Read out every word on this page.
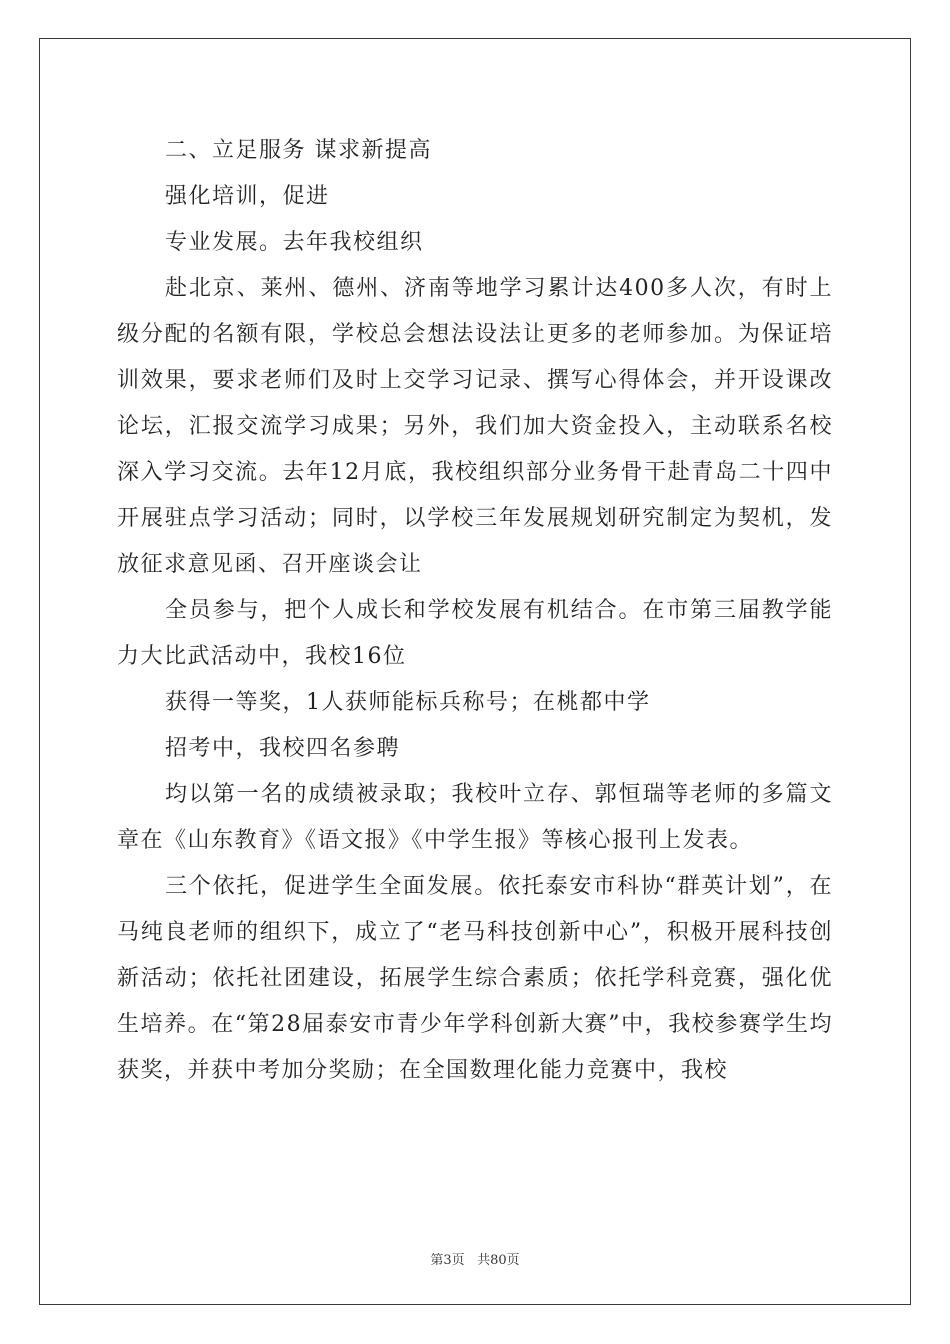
二、立足服务 谋求新提高

强化培训，促进

专业发展。去年我校组织

赴北京、莱州、德州、济南等地学习累计达400多人次，有时上级分配的名额有限，学校总会想法设法让更多的老师参加。为保证培训效果，要求老师们及时上交学习记录、撰写心得体会，并开设课改论坛，汇报交流学习成果；另外，我们加大资金投入，主动联系名校深入学习交流。去年12月底，我校组织部分业务骨干赴青岛二十四中开展驻点学习活动；同时，以学校三年发展规划研究制定为契机，发放征求意见函、召开座谈会让

全员参与，把个人成长和学校发展有机结合。在市第三届教学能力大比武活动中，我校16位

获得一等奖，1人获师能标兵称号；在桃都中学

招考中，我校四名参聘

均以第一名的成绩被录取；我校叶立存、郭恒瑞等老师的多篇文章在《山东教育》《语文报》《中学生报》等核心报刊上发表。

三个依托，促进学生全面发展。依托泰安市科协“群英计划”，在马纯良老师的组织下，成立了“老马科技创新中心”，积极开展科技创新活动；依托社团建设，拓展学生综合素质；依托学科竞赛，强化优生培养。在“第28届泰安市青少年学科创新大赛”中，我校参赛学生均获奖，并获中考加分奖励；在全国数理化能力竞赛中，我校

第3页 共80页
